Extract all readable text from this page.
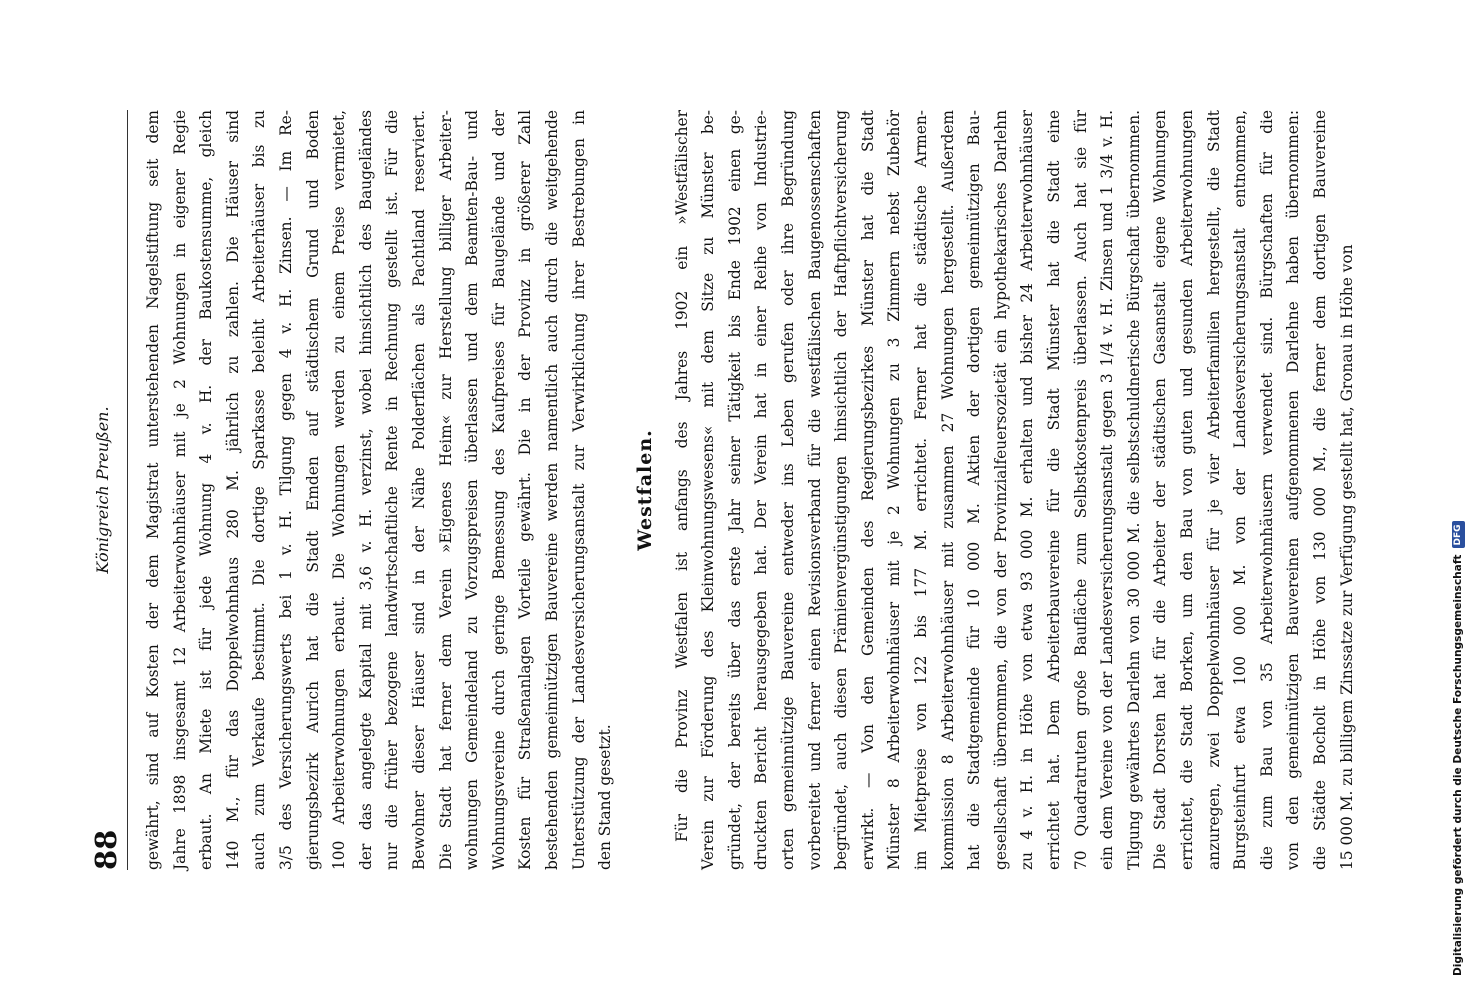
88
Königreich Preußen. gewährt, sind auf Kosten der dem Magistrat unterstehenden Nagelstiftung seit dem Jahre 1898 insgesamt 12 Arbeiterwohnhäuser mit je 2 Wohnungen in eigener Regie erbaut. An Miete ist für jede Wohnung 4 v. H. der Baukostensumme, gleich 140 M., für das Doppelwohnhaus 280 M. jährlich zu zahlen. Die Häuser sind auch zum Verkaufe bestimmt. Die dortige Sparkasse beleiht Arbeiterhäuser bis zu 3/5 des Versicherungswerts bei 1 v. H. Tilgung gegen 4 v. H. Zinsen. — Im Re- gierungsbezirk Aurich hat die Stadt Emden auf städtischem Grund und Boden 100 Arbeiterwohnungen erbaut. Die Wohnungen werden zu einem Preise vermietet, der das angelegte Kapital mit 3,6 v. H. verzinst, wobei hinsichtlich des Baugeländes nur die früher bezogene landwirtschaftliche Rente in Rechnung gestellt ist. Für die Bewohner dieser Häuser sind in der Nähe Polderflächen als Pachtland reserviert. Die Stadt hat ferner dem Verein »Eigenes Heim« zur Herstellung billiger Arbeiter- wohnungen Gemeindeland zu Vorzugspreisen überlassen und dem Beamten-Bau- und Wohnungsvereine durch geringe Bemessung des Kaufpreises für Baugelände und der Kosten für Straßenanlagen Vorteile gewährt. Die in der Provinz in größerer Zahl bestehenden gemeinnützigen Bauvereine werden namentlich auch durch die weitgehende Unterstützung der Landesversicherungsanstalt zur Verwirklichung ihrer Bestrebungen in den Stand gesetzt.
Westfalen.	Für die Provinz Westfalen ist anfangs des Jahres 1902 ein »Westfälischer Verein zur Förderung des Kleinwohnungswesens« mit dem Sitze zu Münster be- gründet, der bereits über das erste Jahr seiner Tätigkeit bis Ende 1902 einen ge- druckten Bericht herausgegeben hat. Der Verein hat in einer Reihe von Industrie- orten gemeinnützige Bauvereine entweder ins Leben gerufen oder ihre Begründung vorbereitet und ferner einen Revisionsverband für die westfälischen Baugenossenschaften begründet, auch diesen Prämienvergünstigungen hinsichtlich der Haftpflichtversicherung erwirkt. — Von den Gemeinden des Regierungsbezirkes Münster hat die Stadt Münster 8 Arbeiterwohnhäuser mit je 2 Wohnungen zu 3 Zimmern nebst Zubehör im Mietpreise von 122 bis 177 M. errichtet. Ferner hat die städtische Armen- kommission 8 Arbeiterwohnhäuser mit zusammen 27 Wohnungen hergestellt. Außerdem hat die Stadtgemeinde für 10 000 M. Aktien der dortigen gemeinnützigen Bau- gesellschaft übernommen, die von der Provinzialfeuersozietät ein hypothekarisches Darlehn zu 4 v. H. in Höhe von etwa 93 000 M. erhalten und bisher 24 Arbeiterwohnhäuser errichtet hat. Dem Arbeiterbauvereine für die Stadt Münster hat die Stadt eine 70 Quadratruten große Baufläche zum Selbstkostenpreis überlassen. Auch hat sie für ein dem Vereine von der Landesversicherungsanstalt gegen 3 1/4 v. H. Zinsen und 1 3/4 v. H. Tilgung gewährtes Darlehn von 30 000 M. die selbstschuldnerische Bürgschaft übernommen. Die Stadt Dorsten hat für die Arbeiter der städtischen Gasanstalt eigene Wohnungen errichtet, die Stadt Borken, um den Bau von guten und gesunden Arbeiterwohnungen anzuregen, zwei Doppelwohnhäuser für je vier Arbeiterfamilien hergestellt, die Stadt Burgsteinfurt etwa 100 000 M. von der Landesversicherungsanstalt entnommen, die zum Bau von 35 Arbeiterwohnhäusern verwendet sind. Bürgschaften für die von den gemeinnützigen Bauvereinen aufgenommenen Darlehne haben übernommen: die Städte Bocholt in Höhe von 130 000 M., die ferner dem dortigen Bauvereine 15 000 M. zu billigem Zinssatze zur Verfügung gestellt hat, Gronau in Höhe von	Digitalisierung gefördert durch die Deutsche ForschungsgemeinschaftDFG
